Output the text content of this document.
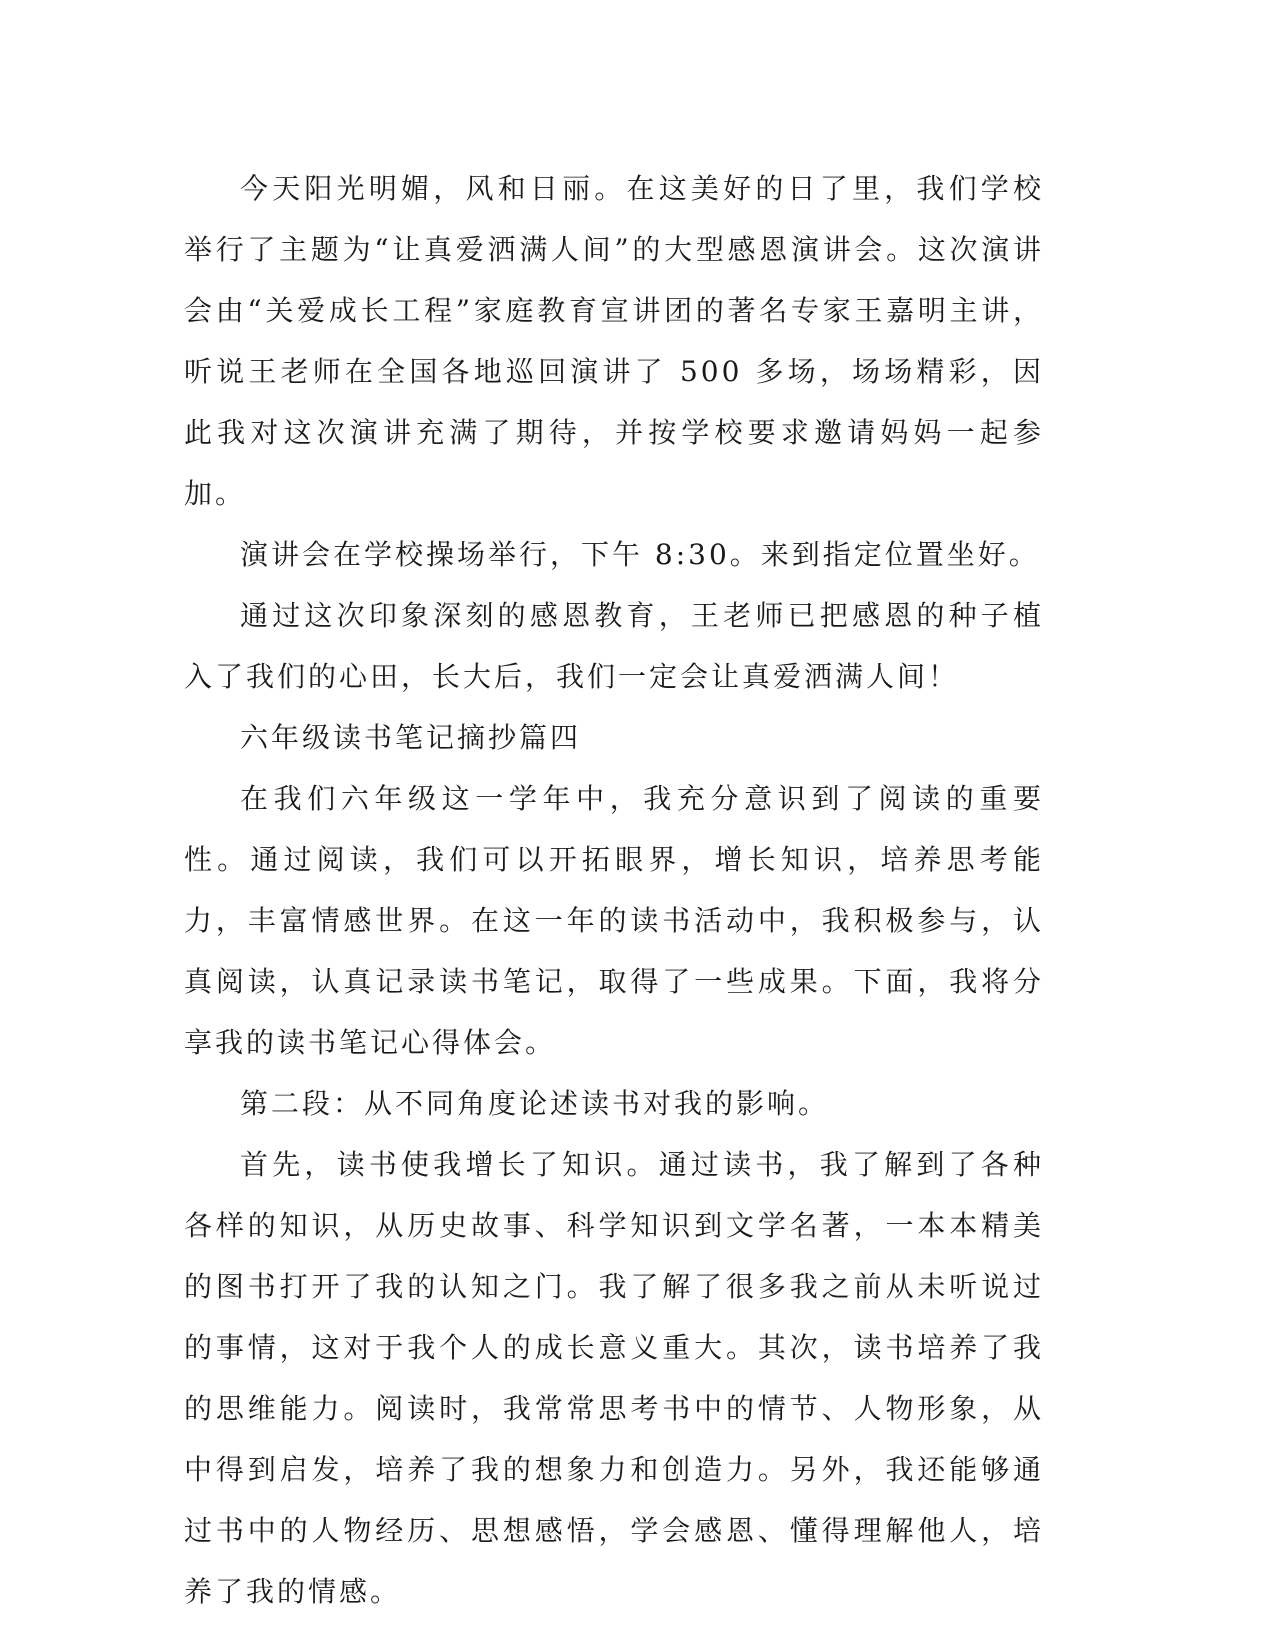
今天阳光明媚，风和日丽。在这美好的日了里，我们学校举行了主题为“让真爱洒满人间”的大型感恩演讲会。这次演讲会由“关爱成长工程”家庭教育宣讲团的著名专家王嘉明主讲，听说王老师在全国各地巡回演讲了 500 多场，场场精彩，因此我对这次演讲充满了期待，并按学校要求邀请妈妈一起参加。

演讲会在学校操场举行，下午 8:30。来到指定位置坐好。

通过这次印象深刻的感恩教育，王老师已把感恩的种子植入了我们的心田，长大后，我们一定会让真爱洒满人间！

六年级读书笔记摘抄篇四

在我们六年级这一学年中，我充分意识到了阅读的重要性。通过阅读，我们可以开拓眼界，增长知识，培养思考能力，丰富情感世界。在这一年的读书活动中，我积极参与，认真阅读，认真记录读书笔记，取得了一些成果。下面，我将分享我的读书笔记心得体会。

第二段：从不同角度论述读书对我的影响。

首先，读书使我增长了知识。通过读书，我了解到了各种各样的知识，从历史故事、科学知识到文学名著，一本本精美的图书打开了我的认知之门。我了解了很多我之前从未听说过的事情，这对于我个人的成长意义重大。其次，读书培养了我的思维能力。阅读时，我常常思考书中的情节、人物形象，从中得到启发，培养了我的想象力和创造力。另外，我还能够通过书中的人物经历、思想感悟，学会感恩、懂得理解他人，培养了我的情感。
